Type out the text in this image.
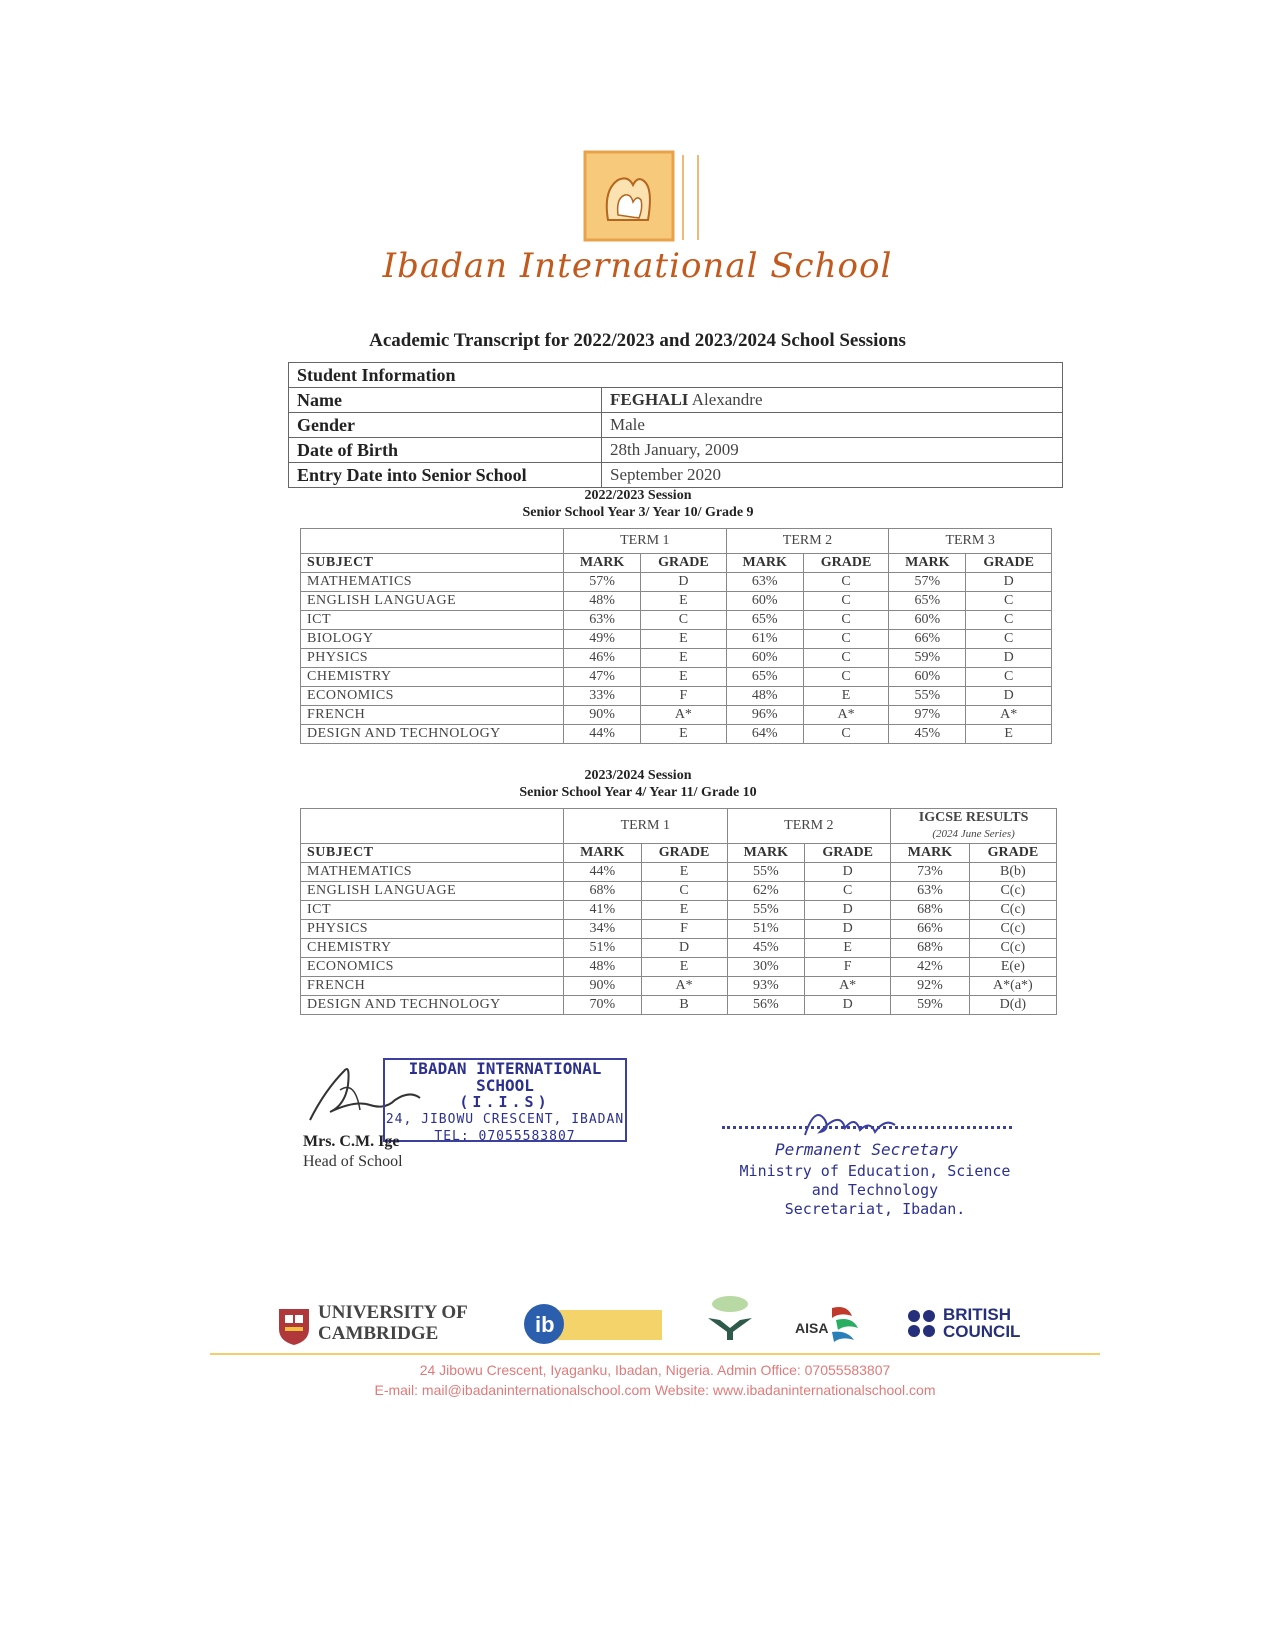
Ibadan International School
Academic Transcript for 2022/2023 and 2023/2024 School Sessions
Student Information	
Name	FEGHALI Alexandre
Gender	Male
Date of Birth	28th January, 2009
Entry Date into Senior School	September 2020
2022/2023 Session
Senior School Year 3/ Year 10/ Grade 9
	TERM 1		TERM 2		TERM 3	
SUBJECT	MARK	GRADE	MARK	GRADE	MARK	GRADE
MATHEMATICS	57%	D	63%	C	57%	D
ENGLISH LANGUAGE	48%	E	60%	C	65%	C
ICT	63%	C	65%	C	60%	C
BIOLOGY	49%	E	61%	C	66%	C
PHYSICS	46%	E	60%	C	59%	D
CHEMISTRY	47%	E	65%	C	60%	C
ECONOMICS	33%	F	48%	E	55%	D
FRENCH	90%	A*	96%	A*	97%	A*
DESIGN AND TECHNOLOGY	44%	E	64%	C	45%	E
2023/2024 Session
Senior School Year 4/ Year 11/ Grade 10
	TERM 1		TERM 2		IGCSE RESULTS
(2024 June Series)	

SUBJECT	MARK	GRADE	MARK	GRADE	MARK	GRADE
MATHEMATICS	44%	E	55%	D	73%	B(b)
ENGLISH LANGUAGE	68%	C	62%	C	63%	C(c)
ICT	41%	E	55%	D	68%	C(c)
PHYSICS	34%	F	51%	D	66%	C(c)
CHEMISTRY	51%	D	45%	E	68%	C(c)
ECONOMICS	48%	E	30%	F	42%	E(e)
FRENCH	90%	A*	93%	A*	92%	A*(a*)
DESIGN AND TECHNOLOGY	70%	B	56%	D	59%	D(d)
IBADAN INTERNATIONAL SCHOOL
(I.I.S)
24, JIBOWU CRESCENT, IBADAN
TEL: 07055583807
Mrs. C.M. Ige
Head of School
Permanent Secretary
Ministry of Education, Science and Technology
Secretariat, Ibadan.
UNIVERSITY OF
CAMBRIDGE	ib	AISA
BRITISH
COUNCIL
24 Jibowu Crescent, Iyaganku, Ibadan, Nigeria. Admin Office: 07055583807
E-mail: mail@ibadaninternationalschool.com Website: www.ibadaninternationalschool.com
